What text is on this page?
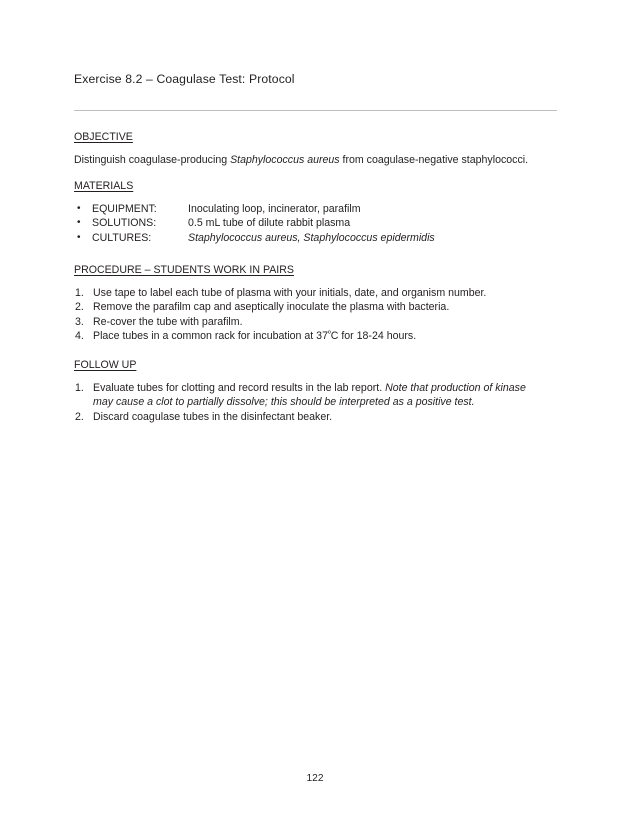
Exercise 8.2 – Coagulase Test: Protocol
OBJECTIVE
Distinguish coagulase-producing Staphylococcus aureus from coagulase-negative staphylococci.
MATERIALS
• EQUIPMENT:	Inoculating loop, incinerator, parafilm
• SOLUTIONS:	0.5 mL tube of dilute rabbit plasma
• CULTURES:	Staphylococcus aureus, Staphylococcus epidermidis
PROCEDURE – STUDENTS WORK IN PAIRS
1. Use tape to label each tube of plasma with your initials, date, and organism number.
2. Remove the parafilm cap and aseptically inoculate the plasma with bacteria.
3. Re-cover the tube with parafilm.
4. Place tubes in a common rack for incubation at $37^ºC$ for 18-24 hours.
FOLLOW UP
1. Evaluate tubes for clotting and record results in the lab report. Note that production of kinase may cause a clot to partially dissolve; this should be interpreted as a positive test.
2. Discard coagulase tubes in the disinfectant beaker.
122
